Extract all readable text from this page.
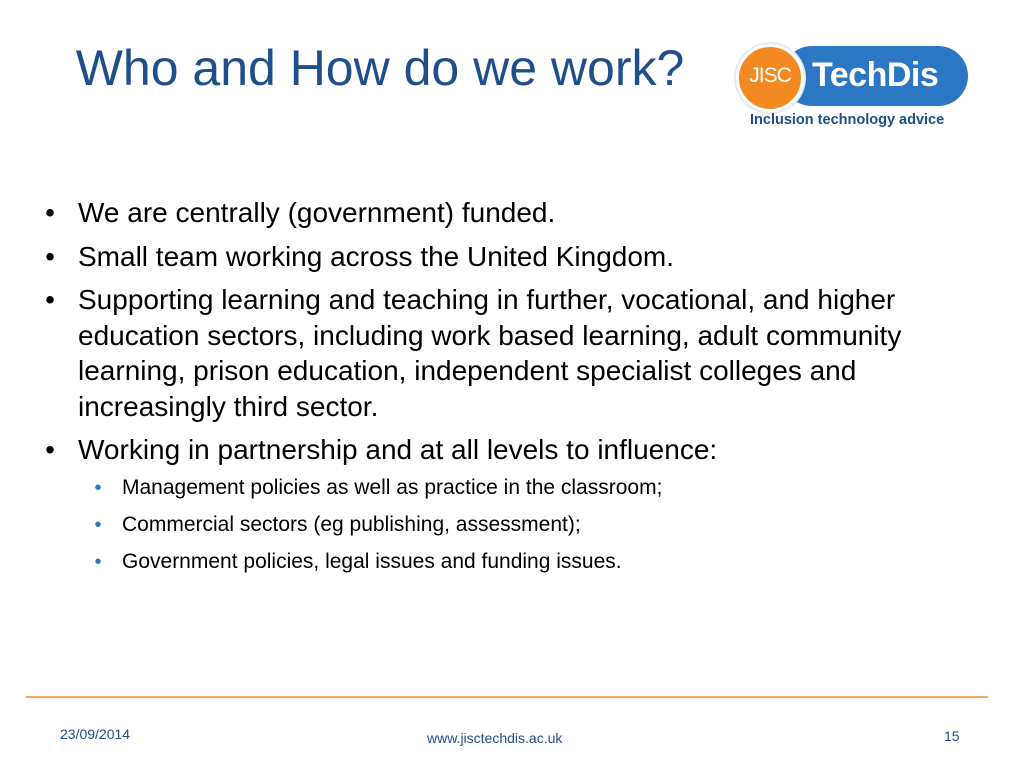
Who and How do we work?	JISC TechDis
Inclusion technology advice
• We are centrally (government) funded.
• Small team working across the United Kingdom.
• Supporting learning and teaching in further, vocational, and higher education sectors, including work based learning, adult community learning, prison education, independent specialist colleges and increasingly third sector.
• Working in partnership and at all levels to influence:
• Management policies as well as practice in the classroom;
• Commercial sectors (eg publishing, assessment);
• Government policies, legal issues and funding issues.
23/09/2014	www.jisctechdis.ac.uk	15
